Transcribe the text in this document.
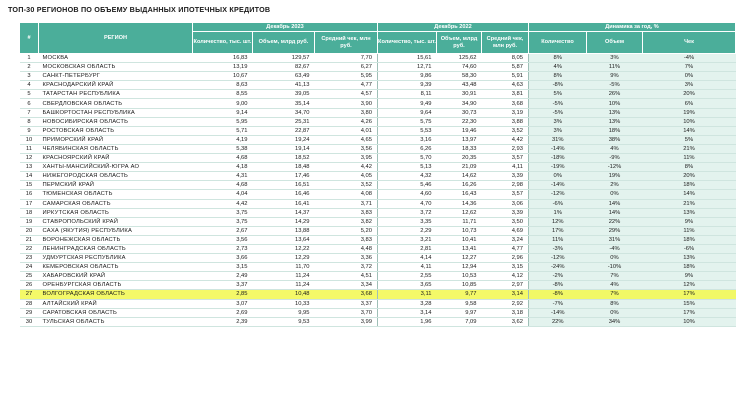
ТОП-30 РЕГИОНОВ ПО ОБЪЕМУ ВЫДАННЫХ ИПОТЕЧНЫХ КРЕДИТОВ
#	РЕГИОН	Декабрь 2023			Декабрь 2022			Динамика за год, %		
		Количество, тыс. шт.	Объем, млрд руб.	Средний чек, млн руб.	Количество, тыс. шт.	Объем, млрд руб.	Средний чек, млн руб.	Количество	Объем	Чек
1	МОСКВА	16,83	129,57	7,70	15,61	125,62	8,05	8%	3%	-4%
2	МОСКОВСКАЯ ОБЛАСТЬ	13,19	82,67	6,27	12,71	74,60	5,87	4%	11%	7%
3	САНКТ-ПЕТЕРБУРГ	10,67	63,49	5,95	9,86	58,30	5,91	8%	9%	0%
4	КРАСНОДАРСКИЙ КРАЙ	8,63	41,13	4,77	9,39	43,48	4,63	-8%	-5%	3%
5	ТАТАРСТАН РЕСПУБЛИКА	8,55	39,05	4,57	8,11	30,91	3,81	5%	26%	20%
6	СВЕРДЛОВСКАЯ ОБЛАСТЬ	9,00	35,14	3,90	9,49	34,90	3,68	-5%	10%	6%
7	БАШКОРТОСТАН РЕСПУБЛИКА	9,14	34,70	3,80	9,64	30,73	3,19	-5%	13%	19%
8	НОВОСИБИРСКАЯ ОБЛАСТЬ	5,95	25,31	4,26	5,75	22,30	3,88	3%	13%	10%
9	РОСТОВСКАЯ ОБЛАСТЬ	5,71	22,87	4,01	5,53	19,46	3,52	3%	18%	14%
10	ПРИМОРСКИЙ КРАЙ	4,19	19,24	4,65	3,16	13,97	4,42	31%	38%	5%
11	ЧЕЛЯБИНСКАЯ ОБЛАСТЬ	5,38	19,14	3,56	6,26	18,33	2,93	-14%	4%	21%
12	КРАСНОЯРСКИЙ КРАЙ	4,68	18,52	3,95	5,70	20,35	3,57	-18%	-9%	11%
13	ХАНТЫ-МАНСИЙСКИЙ-ЮГРА АО	4,18	18,48	4,42	5,13	21,09	4,11	-19%	-12%	8%
14	НИЖЕГОРОДСКАЯ ОБЛАСТЬ	4,31	17,46	4,05	4,32	14,62	3,39	0%	19%	20%
15	ПЕРМСКИЙ КРАЙ	4,68	16,51	3,52	5,46	16,26	2,98	-14%	2%	18%
16	ТЮМЕНСКАЯ ОБЛАСТЬ	4,04	16,46	4,08	4,60	16,43	3,57	-12%	0%	14%
17	САМАРСКАЯ ОБЛАСТЬ	4,42	16,41	3,71	4,70	14,36	3,06	-6%	14%	21%
18	ИРКУТСКАЯ ОБЛАСТЬ	3,75	14,37	3,83	3,72	12,62	3,39	1%	14%	13%
19	СТАВРОПОЛЬСКИЙ КРАЙ	3,75	14,29	3,82	3,35	11,71	3,50	12%	22%	9%
20	САХА (ЯКУТИЯ) РЕСПУБЛИКА	2,67	13,88	5,20	2,29	10,73	4,69	17%	29%	11%
21	ВОРОНЕЖСКАЯ ОБЛАСТЬ	3,56	13,64	3,83	3,21	10,41	3,24	11%	31%	18%
22	ЛЕНИНГРАДСКАЯ ОБЛАСТЬ	2,73	12,22	4,48	2,81	13,41	4,77	-3%	-4%	-6%
23	УДМУРТСКАЯ РЕСПУБЛИКА	3,66	12,29	3,36	4,14	12,27	2,96	-12%	0%	13%
24	КЕМЕРОВСКАЯ ОБЛАСТЬ	3,15	11,70	3,72	4,11	12,94	3,15	-24%	-10%	18%
25	ХАБАРОВСКИЙ КРАЙ	2,49	11,24	4,51	2,55	10,53	4,12	-2%	7%	9%
26	ОРЕНБУРГСКАЯ ОБЛАСТЬ	3,37	11,24	3,34	3,65	10,85	2,97	-8%	4%	12%
27	ВОЛГОГРАДСКАЯ ОБЛАСТЬ	2,85	10,48	3,68	3,11	9,77	3,14	-8%	7%	17%
28	АЛТАЙСКИЙ КРАЙ	3,07	10,33	3,37	3,28	9,58	2,92	-7%	8%	15%
29	САРАТОВСКАЯ ОБЛАСТЬ	2,69	9,95	3,70	3,14	9,97	3,18	-14%	0%	17%
30	ТУЛЬСКАЯ ОБЛАСТЬ	2,39	9,53	3,99	1,96	7,09	3,62	22%	34%	10%
